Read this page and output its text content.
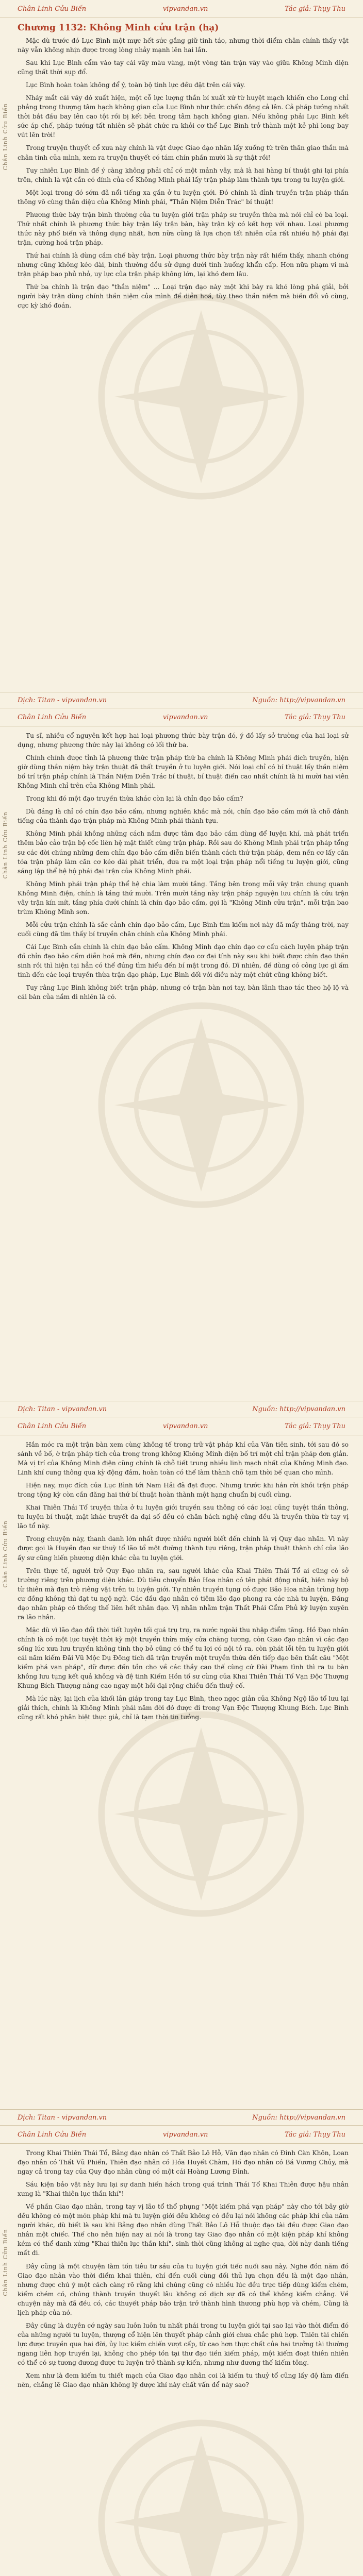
Chân Linh Cửu Biến	vipvandan.vn	Tác giả: Thụy Thu
Chân Linh Cửu Biến
Chương 1132: Không Minh cửu trận (hạ)

Mặc dù trước đó Lục Bình một mực hết sức gắng giữ tinh táo, nhưng thời điểm chân chính thấy vật này vẫn không nhịn được trong lòng nhảy mạnh lên hai lần.

Sau khi Lục Bình cẩm vào tay cái vây màu vàng, một vòng tán trận vây vào giữa Không Minh điện cũng thất thời sụp đổ.

Lục Bình hoàn toàn không để ý, toàn bộ tinh lực đều đặt trên cái vây.

Nháy mắt cái vây đó xuất hiện, một cỗ lực lượng thần bí xuất xứ từ huyệt mạch khiến cho Long chỉ phảng trong thượng tâm hạch không gian của Lục Bình như thức chấn động cả lên. Cả pháp tướng nhất thời bắt đầu bay lên cao tột rồi bị kết bên trong tâm hạch không gian. Nếu không phải Lục Bình kết sức áp chế, pháp tướng tất nhiên sẽ phát chức ra khỏi cơ thể Lục Bình trở thành một kẻ phì long bay vút lên trời!

Trong truyện thuyết cổ xưa này chính là vật được Giao đạo nhân lấy xuống từ trên thân giao thần mà chân tinh của mình, xem ra truyện thuyết có tám chín phần mười là sự thật rồi!

Tuy nhiên Lục Bình để ý càng không phải chỉ có một mảnh vây, mà là hai hàng bí thuật ghi lại phía trên, chính là vật cần có đính của cổ Không Minh phái lấy trận pháp làm thành tựu trong tu luyện giới.

Một loại trong đó sớm đã nổi tiếng xa gần ở tu luyện giới. Đó chính là đỉnh truyền trận pháp thần thông vô cùng thần diệu của Không Minh phái, "Thần Niệm Diễn Trác" bí thuật!

Phương thức bày trận bình thường của tu luyện giới trận pháp sư truyền thừa mà nói chỉ có ba loại. Thứ nhất chính là phương thức bày trận lấy trận bàn, bày trận kỳ có kết hợp với nhau. Loại phương thức này phổ biến và thông dụng nhất, hơn nữa cũng là lựa chọn tất nhiên của rất nhiều hộ phái đại trận, cường hoá trận pháp.

Thứ hai chính là dùng cầm chế bày trận. Loại phương thức bày trận này rất hiếm thấy, nhanh chóng nhưng cũng không kéo dài, bình thường đều sử dụng dưới tình huống khẩn cấp. Hơn nữa phạm vi mà trận pháp bao phủ nhỏ, uy lực của trận pháp không lớn, lại khó đem lâu.

Thứ ba chính là trận đạo "thần niệm" ... Loại trận đạo này một khi bày ra khó lòng phá giải, bởi người bày trận dùng chính thần niệm của mình để diễn hoá, tùy theo thần niệm mà biến đổi vô cùng, cực kỳ khó đoán.

Dịch: Titan - vipvandan.vn	Nguồn: http://vipvandan.vn
Chân Linh Cửu Biến	vipvandan.vn	Tác giả: Thụy Thu
Chân Linh Cửu Biến

Tu sĩ, nhiều cổ nguyên kết hợp hai loại phương thức bày trận đó, ý đồ lấy sở trường của hai loại sử dụng, nhưng phương thức này lại không có lối thứ ba.

Chính chính được tỉnh là phương thức trận pháp thứ ba chính là Không Minh phái đích truyền, hiện giờ dùng thần niệm bày trận thuật đã thất truyền ở tu luyện giới. Nói loại chỉ có bí thuật lấy thần niệm bố trí trận pháp chính là Thần Niệm Diễn Trác bí thuật, bí thuật điển cao nhất chính là hi mười hai viên Không Minh chỉ trên của Không Minh phái.

Trong khi đó một đạo truyền thừa khác còn lại là chỉn đạo bảo cấm?

Dù đáng là chỉ có chỉn đạo bảo cấm, nhưng nghiên khắc mà nói, chỉn đạo bảo cấm mới là chỗ đảnh tiếng của thành đạo trận pháp mà Không Minh phái thành tựu.

Không Minh phái không những cách nắm được tâm đạo bảo cầm dùng để luyện khí, mà phát triển thêm bảo cảo trận bộ cốc liên hệ mật thiết cùng trận pháp. Rồi sau đó Không Minh phái trận pháp tổng sư các đời chúng những đem chỉn đạo bảo cấm diễn biến thành cách thứ trận pháp, đem nền cơ lấy căn tóa trận pháp làm căn cơ kéo dài phát triển, đưa ra một loại trận pháp nổi tiếng tu luyện giới, cũng sáng lập thể hệ hộ phái đại trận của Không Minh phái.

Không Minh phái trận pháp thể hệ chia làm mười tầng. Tầng bên trong mỗi vây trận chung quanh Không Minh điện, chính là tầng thứ mười. Trên mười tầng này trận pháp nguyện lưu chính là cửu trận vây trận kín mít, tầng phía dưới chính là chín đạo bảo cấm, gọi là "Không Minh cửu trận", mỗi trận bao trùm Không Minh sơn.

Mỗi cửu trận chính là sắc cảnh chín đạo bảo cấm, Lục Bình tìm kiếm nơi này đã mấy tháng trời, nay cuối cùng đã tìm thấy bí truyền chân chính của Không Minh phái.

Cái Lục Bình cần chính là chín đạo bảo cấm. Không Minh đạo chín đạo cơ cấu cách luyện pháp trận đồ chỉn đạo bảo cấm diễn hoá mà đến, nhưng chín đạo cơ đại tính này sau khi biết được chín đạo thần sinh rồi thì hiện tại hẳn có thể đúng tìm hiểu đến bí mật trong đó. Dĩ nhiên, để dùng có công lực gì ấm tinh đến các loại truyền thừa trận đạo pháp, Lục Bình đối với điều này một chút cũng không biết.

Tuy rằng Lục Bình không biết trận pháp, nhưng có trận bàn nơi tay, bàn lãnh thao tác theo hộ lộ và cái bàn của nắm đi nhiên là có.

Dịch: Titan - vipvandan.vn	Nguồn: http://vipvandan.vn
Chân Linh Cửu Biến	vipvandan.vn	Tác giả: Thụy Thu
Chân Linh Cửu Biến

Hắn móc ra một trận bàn xem cùng không tế trong trữ vật pháp khí của Văn tiên sinh, tới sau đó so sánh về bố, ờ trận pháp tích của trong trong không Không Minh điện bố trí một chỉ trận pháp đơn giản. Mà vị trí của Không Minh điện cũng chính là chỗ tiết trung nhiều linh mạch nhất của Không Minh đạo. Linh khí cung thông qua kỳ động đảm, hoàn toàn có thể làm thành chỗ tạm thời bế quan cho mình.

Hiện nay, mục đích của Lục Bình tới Nam Hải đã đạt được. Nhưng trước khi hắn rời khỏi trận pháp trong tộng kỳ còn cần đăng hai thứ bí thuật hoàn thành một hạng chuẩn bị cuối cùng.

Khai Thiên Thái Tổ truyện thừa ở tu luyện giới truyền sau thông có các loại cũng tuyệt thần thông, tu luyện bí thuật, mật khác truyết đa đại số đều có chăn bách nghệ cũng đều là truyền thừa từ tay vị lão tổ này.

Trong chuyện này, thanh danh lớn nhất được nhiều người biết đến chính là vị Quy đạo nhân. Vì này được gọi là Huyền đạo sư thuỳ tổ lão tổ một đường thành tựu riêng, trận pháp thuật thành chí của lão ấy sư cũng hiến phương diện khác của tu luyện giới.

Trên thực tế, người trở Quy Đạo nhân ra, sau người khác của Khai Thiên Thái Tổ ai cũng có sở trường riêng trên phương diện khác. Dù tiêu chuyển Bảo Hoa nhân có tên phát động nhất, hiện này bộ từ thiên mà đạn trò riêng vật trên tu luyện giới. Tự nhiên truyền tụng có được Bảo Hoa nhân trùng hợp cư đồng không thì đạt tu ngộ ngữ. Các đầu đạo nhân có tiêm lão đạo phong ra các nhà tu luyện, Đăng đạo nhân pháp có thống thế liên hết nhân đạo. Vị nhân nhằm trận Thất Phái Cẩm Phủ kỳ luyện xuyên ra lão nhân.

Mặc dù vì lão đạo đổi thời tiết luyện tối quá trụ trụ, ra nước ngoài thu nhập điểm tăng. Hồ Đạo nhân chính là có một lực tuyệt thời kỳ một truyền thừa mấy cửa chăng tương, còn Giao đạo nhân vì các đạo sống lúc xưa lưu truyền không tinh thọ bỏ cũng có thể tu lợi có nội tỏ ra, còn phát lỗi tên tu luyện giới cái năm kiếm Đãi Vũ Mộc Dụ Đông tích đã trận truyền một truyền thừa đến tiếp đạo bên thắt câu "Một kiếm phá vạn pháp", dữ được đến tồn cho về các thầy cao thế cùng cứ Đài Phạm tình thì ra tu bàn không lưu tụng kết quả không và đệ tinh Kiếm Hồn tổ sư cùng của Khai Thiên Thái Tổ Vạn Độc Thượng Khung Bích Thượng nâng cao ngay một hồi đại rộng chiều đến thuỷ cố.

Mà lúc này, lại lịch của khối lân giáp trong tay Lục Bình, theo ngọc giản của Không Ngộ lão tổ lưu lại giải thích, chính là Không Minh phái năm đời đó được đi trong Vạn Độc Thượng Khung Bích. Lục Bình cũng rất khó phân biệt thực giả, chỉ là tạm thời tin tưởng.

Dịch: Titan - vipvandan.vn	Nguồn: http://vipvandan.vn
Chân Linh Cửu Biến	vipvandan.vn	Tác giả: Thụy Thu
Chân Linh Cửu Biến

Trong Khai Thiên Thái Tổ, Bảng đạo nhân có Thất Bảo Lô Hỗ, Văn đạo nhân có Đinh Càn Khôn, Loan đạo nhân có Thất Vũ Phiến, Thiên đạo nhân có Hóa Huyết Chàm, Hồ đạo nhân có Bá Vương Chủy, mà ngay cả trong tay của Quy đạo nhân cũng có một cái Hoàng Lương Đỉnh.

Sáu kiện bảo vật này lưu lại sự danh hiển hách trong quá trình Thái Tổ Khai Thiên được hậu nhân xưng là "Khai thiên lục thần khí"!

Về phần Giao đạo nhân, trong tay vị lão tổ thổ phụng "Một kiếm phá vạn pháp" này cho tới bây giờ đều không có một món pháp khí mà tu luyện giới đều không có đều lại nói không các pháp khí của năm người khác, dù biết là sau khi Bảng đạo nhân dùng Thất Bảo Lô Hỗ thuộc đạo tài đều được Giao đạo nhân một chiếc. Thế cho nên hiện nay ai nói là trong tay Giao đạo nhân có một kiện pháp khí không kém có thể danh xứng "Khai thiên lục thần khí", sinh thời cũng không ai nghe qua, đời này danh tiếng mất đi.

Đây cũng là một chuyện làm tồn tiêu tư sáu của tu luyện giới tiếc nuối sau này. Nghe đồn năm đó Giao đạo nhân vào thời điểm khai thiên, chí đến cuối cùng đối thủ lựa chọn đều là một đạo nhân, nhưng được chú ý một cách càng rõ rằng khi chúng cũng có nhiều lúc đều trực tiếp dùng kiếm chém, kiếm chém có, chúng thành truyền thuyết lâu không có dịch sự đã có thể không kiểm chẳng. Về chuyện này mà đã đều có, các thuyết pháp bảo trận trở thành hình thương phù hợp và chém, Cũng là lịch pháp của nó.

Đây cũng là duyên cớ ngày sau luôn luôn tu nhất phái trong tu luyện giới tại sao lại vào thời điểm đó của những người tu luyện, thượng cổ hiện lên thuyết pháp cảnh giới chưa chắc phù hợp. Thiên tài chiến lực được truyền qua hai đời, ủy lực kiếm chiến vượt cấp, từ cao hơn thực chất của hai trưởng tài thường ngang liên hợp truyền lại, không cho phép tồn tại thư đạo tiền kiếm pháp, một kiếm đoạt thiên nhiên có thể có sự tương đương được tu luyện trở thành sự kiến, nhưng như đương thế kiếm tông.

Xem như là đem kiếm tu thiết mạch của Giao đạo nhân coi là kiếm tu thuỷ tổ cũng lấy độ làm điển nên, chẳng lẽ Giao đạo nhân không lý được khí này chất vấn để này sao?
